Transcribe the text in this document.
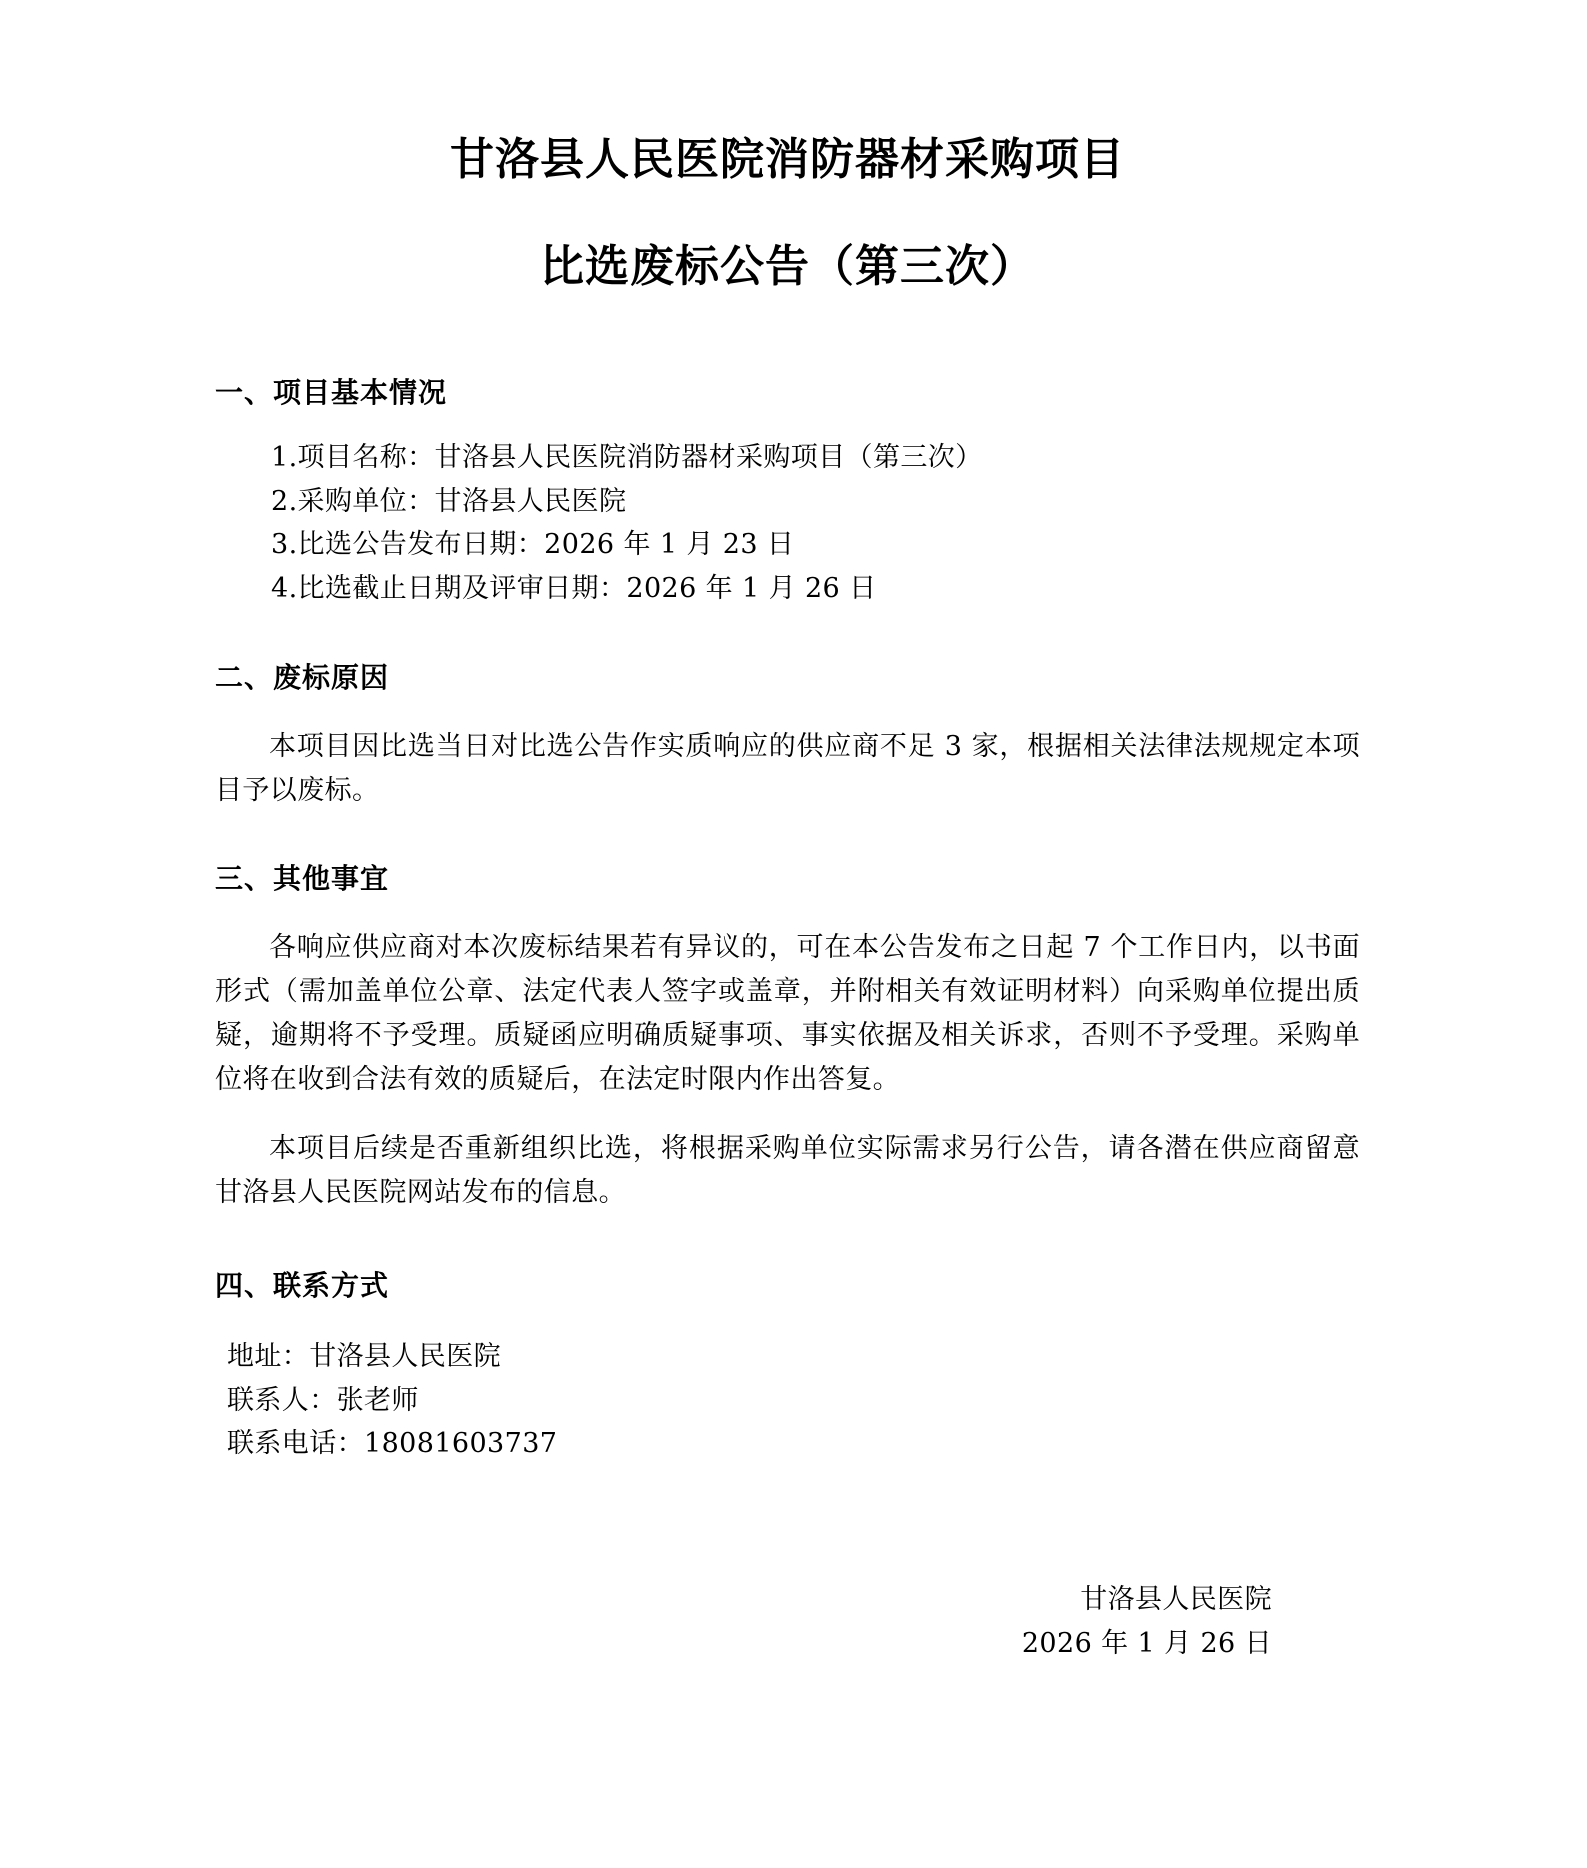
甘洛县人民医院消防器材采购项目
比选废标公告（第三次）
一、项目基本情况
1.项目名称：甘洛县人民医院消防器材采购项目（第三次）
2.采购单位：甘洛县人民医院
3.比选公告发布日期：2026 年 1 月 23 日
4.比选截止日期及评审日期：2026 年 1 月 26 日
二、废标原因
本项目因比选当日对比选公告作实质响应的供应商不足 3 家，根据相关法律法规规定本项目予以废标。
三、其他事宜
各响应供应商对本次废标结果若有异议的，可在本公告发布之日起 7 个工作日内，以书面形式（需加盖单位公章、法定代表人签字或盖章，并附相关有效证明材料）向采购单位提出质疑，逾期将不予受理。质疑函应明确质疑事项、事实依据及相关诉求，否则不予受理。采购单位将在收到合法有效的质疑后，在法定时限内作出答复。
本项目后续是否重新组织比选，将根据采购单位实际需求另行公告，请各潜在供应商留意甘洛县人民医院网站发布的信息。
四、联系方式
地址：甘洛县人民医院
联系人：张老师
联系电话：18081603737
甘洛县人民医院
2026 年 1 月 26 日
